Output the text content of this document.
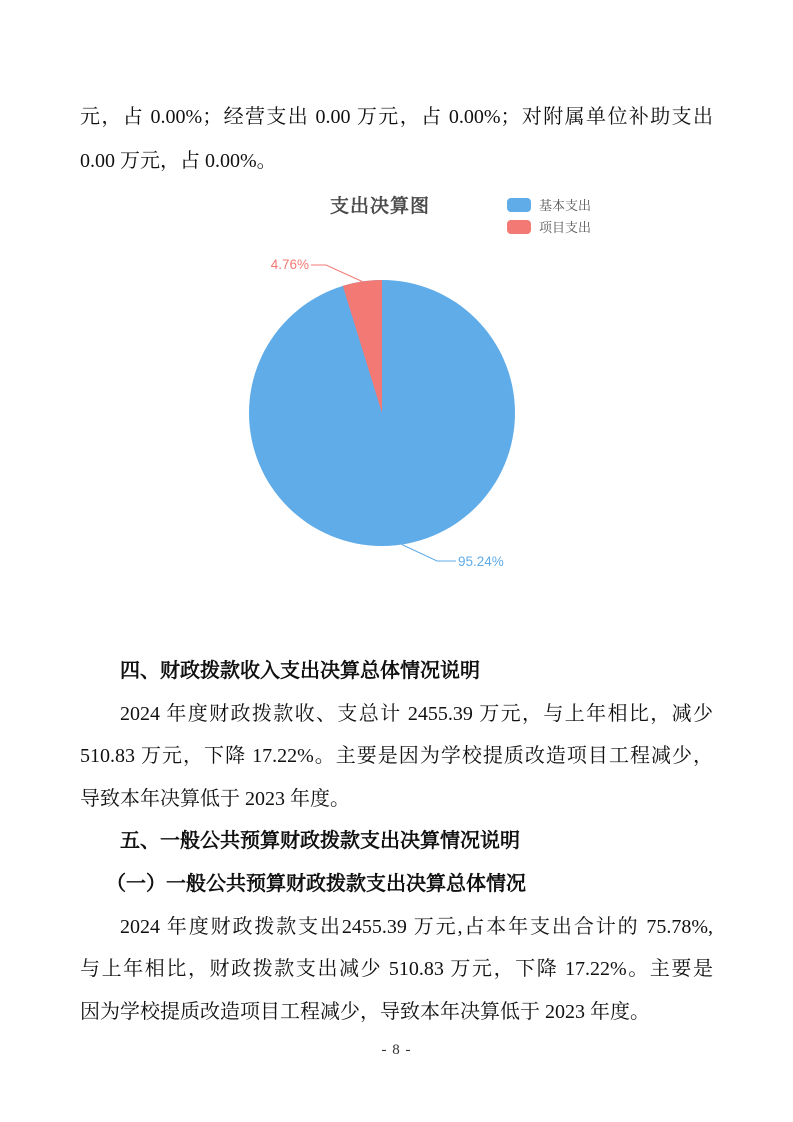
元，占 0.00%；经营支出 0.00 万元，占 0.00%；对附属单位补助支出
0.00 万元，占 0.00%。
支出决算图	基本支出
项目支出
4.76%
95.24%
四、财政拨款收入支出决算总体情况说明
2024 年度财政拨款收、支总计 2455.39 万元，与上年相比，减少
510.83 万元，下降 17.22%。主要是因为学校提质改造项目工程减少，
导致本年决算低于 2023 年度。
五、一般公共预算财政拨款支出决算情况说明
（一）一般公共预算财政拨款支出决算总体情况
2024 年度财政拨款支出2455.39 万元,占本年支出合计的 75.78%,
与上年相比，财政拨款支出减少 510.83 万元，下降 17.22%。主要是
因为学校提质改造项目工程减少，导致本年决算低于 2023 年度。
- 8 -
